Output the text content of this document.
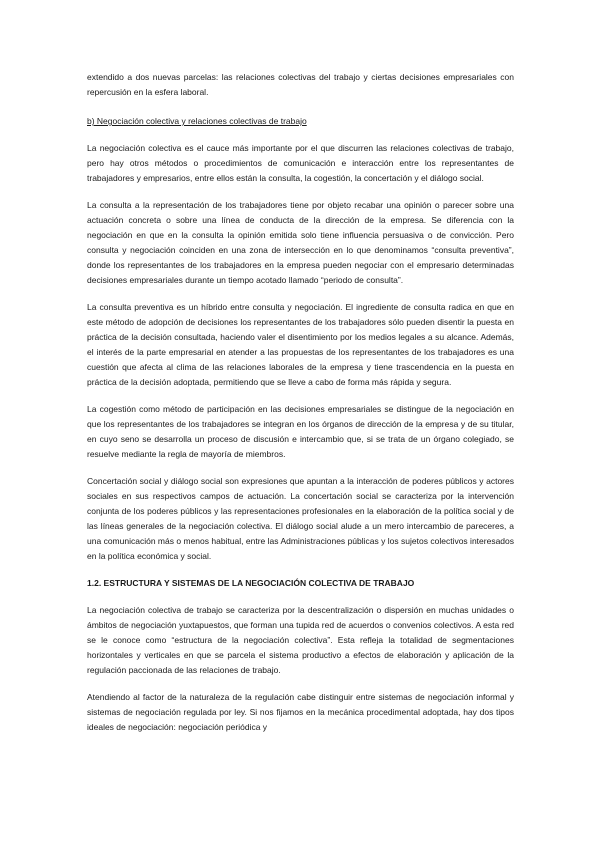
extendido a dos nuevas parcelas: las relaciones colectivas del trabajo y ciertas decisiones empresariales con repercusión en la esfera laboral.

b) Negociación colectiva y relaciones colectivas de trabajo

La negociación colectiva es el cauce más importante por el que discurren las relaciones colectivas de trabajo, pero hay otros métodos o procedimientos de comunicación e interacción entre los representantes de trabajadores y empresarios, entre ellos están la consulta, la cogestión, la concertación y el diálogo social.

La consulta a la representación de los trabajadores tiene por objeto recabar una opinión o parecer sobre una actuación concreta o sobre una línea de conducta de la dirección de la empresa. Se diferencia con la negociación en que en la consulta la opinión emitida solo tiene influencia persuasiva o de convicción. Pero consulta y negociación coinciden en una zona de intersección en lo que denominamos “consulta preventiva”, donde los representantes de los trabajadores en la empresa pueden negociar con el empresario determinadas decisiones empresariales durante un tiempo acotado llamado “periodo de consulta”.

La consulta preventiva es un híbrido entre consulta y negociación. El ingrediente de consulta radica en que en este método de adopción de decisiones los representantes de los trabajadores sólo pueden disentir la puesta en práctica de la decisión consultada, haciendo valer el disentimiento por los medios legales a su alcance. Además, el interés de la parte empresarial en atender a las propuestas de los representantes de los trabajadores es una cuestión que afecta al clima de las relaciones laborales de la empresa y tiene trascendencia en la puesta en práctica de la decisión adoptada, permitiendo que se lleve a cabo de forma más rápida y segura.

La cogestión como método de participación en las decisiones empresariales se distingue de la negociación en que los representantes de los trabajadores se integran en los órganos de dirección de la empresa y de su titular, en cuyo seno se desarrolla un proceso de discusión e intercambio que, si se trata de un órgano colegiado, se resuelve mediante la regla de mayoría de miembros.

Concertación social y diálogo social son expresiones que apuntan a la interacción de poderes públicos y actores sociales en sus respectivos campos de actuación. La concertación social se caracteriza por la intervención conjunta de los poderes públicos y las representaciones profesionales en la elaboración de la política social y de las líneas generales de la negociación colectiva. El diálogo social alude a un mero intercambio de pareceres, a una comunicación más o menos habitual, entre las Administraciones públicas y los sujetos colectivos interesados en la política económica y social.

1.2. ESTRUCTURA Y SISTEMAS DE LA NEGOCIACIÓN COLECTIVA DE TRABAJO

La negociación colectiva de trabajo se caracteriza por la descentralización o dispersión en muchas unidades o ámbitos de negociación yuxtapuestos, que forman una tupida red de acuerdos o convenios colectivos. A esta red se le conoce como “estructura de la negociación colectiva”. Esta refleja la totalidad de segmentaciones horizontales y verticales en que se parcela el sistema productivo a efectos de elaboración y aplicación de la regulación paccionada de las relaciones de trabajo.

Atendiendo al factor de la naturaleza de la regulación cabe distinguir entre sistemas de negociación informal y sistemas de negociación regulada por ley. Si nos fijamos en la mecánica procedimental adoptada, hay dos tipos ideales de negociación: negociación periódica y
